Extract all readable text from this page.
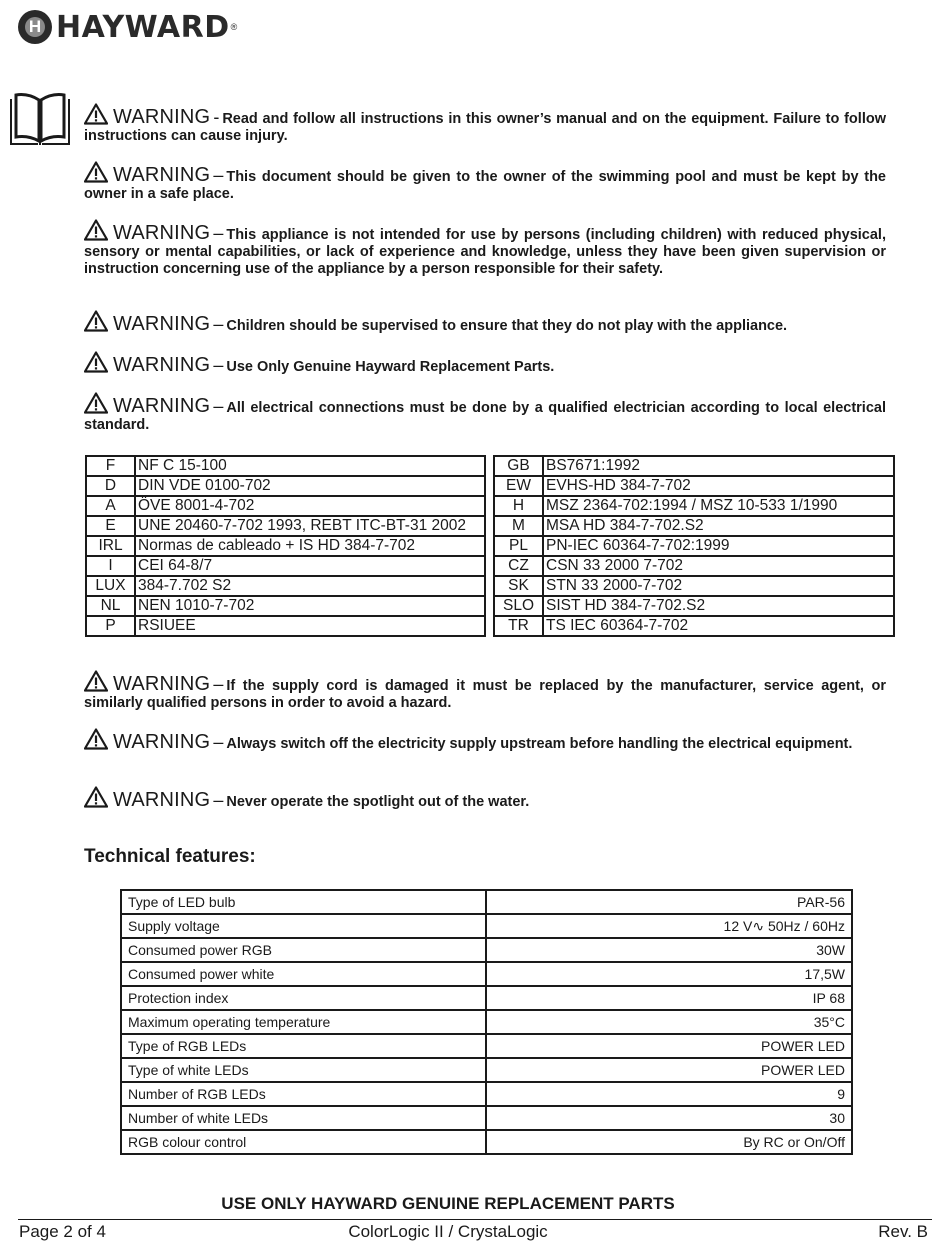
H
HAYWARD ®
WARNING - Read and follow all instructions in this owner’s manual and on the equipment. Failure to follow instructions can cause injury.
WARNING – This document should be given to the owner of the swimming pool and must be kept by the owner in a safe place.
WARNING – This appliance is not intended for use by persons (including children) with reduced physical, sensory or mental capabilities, or lack of experience and knowledge, unless they have been given supervision or instruction concerning use of the appliance by a person responsible for their safety.
WARNING – Children should be supervised to ensure that they do not play with the appliance.
WARNING – Use Only Genuine Hayward Replacement Parts.
WARNING – All electrical connections must be done by a qualified electrician according to local electrical standard.
WARNING – If the supply cord is damaged it must be replaced by the manufacturer, service agent, or similarly qualified persons in order to avoid a hazard.
WARNING – Always switch off the electricity supply upstream before handling the electrical equipment.
WARNING – Never operate the spotlight out of the water.
F	NF C 15-100		GB	BS7671:1992
D	DIN VDE 0100-702		EW	EVHS-HD 384-7-702
A	ÖVE 8001-4-702		H	MSZ 2364-702:1994 / MSZ 10-533 1/1990
E	UNE 20460-7-702 1993, REBT ITC-BT-31 2002		M	MSA HD 384-7-702.S2
IRL	Normas de cableado + IS HD 384-7-702		PL	PN-IEC 60364-7-702:1999
I	CEI 64-8/7		CZ	CSN 33 2000 7-702
LUX	384-7.702 S2		SK	STN 33 2000-7-702
NL	NEN 1010-7-702		SLO	SIST HD 384-7-702.S2
P	RSIUEE		TR	TS IEC 60364-7-702
Technical features:
Type of LED bulb	PAR-56
Supply voltage	12 V∿ 50Hz / 60Hz
Consumed power RGB	30W
Consumed power white	17,5W
Protection index	IP 68
Maximum operating temperature	35°C
Type of RGB LEDs	POWER LED
Type of white LEDs	POWER LED
Number of RGB LEDs	9
Number of white LEDs	30
RGB colour control	By RC or On/Off
USE ONLY HAYWARD GENUINE REPLACEMENT PARTS
Page 2 of 4	ColorLogic II / CrystaLogic	Rev. B
